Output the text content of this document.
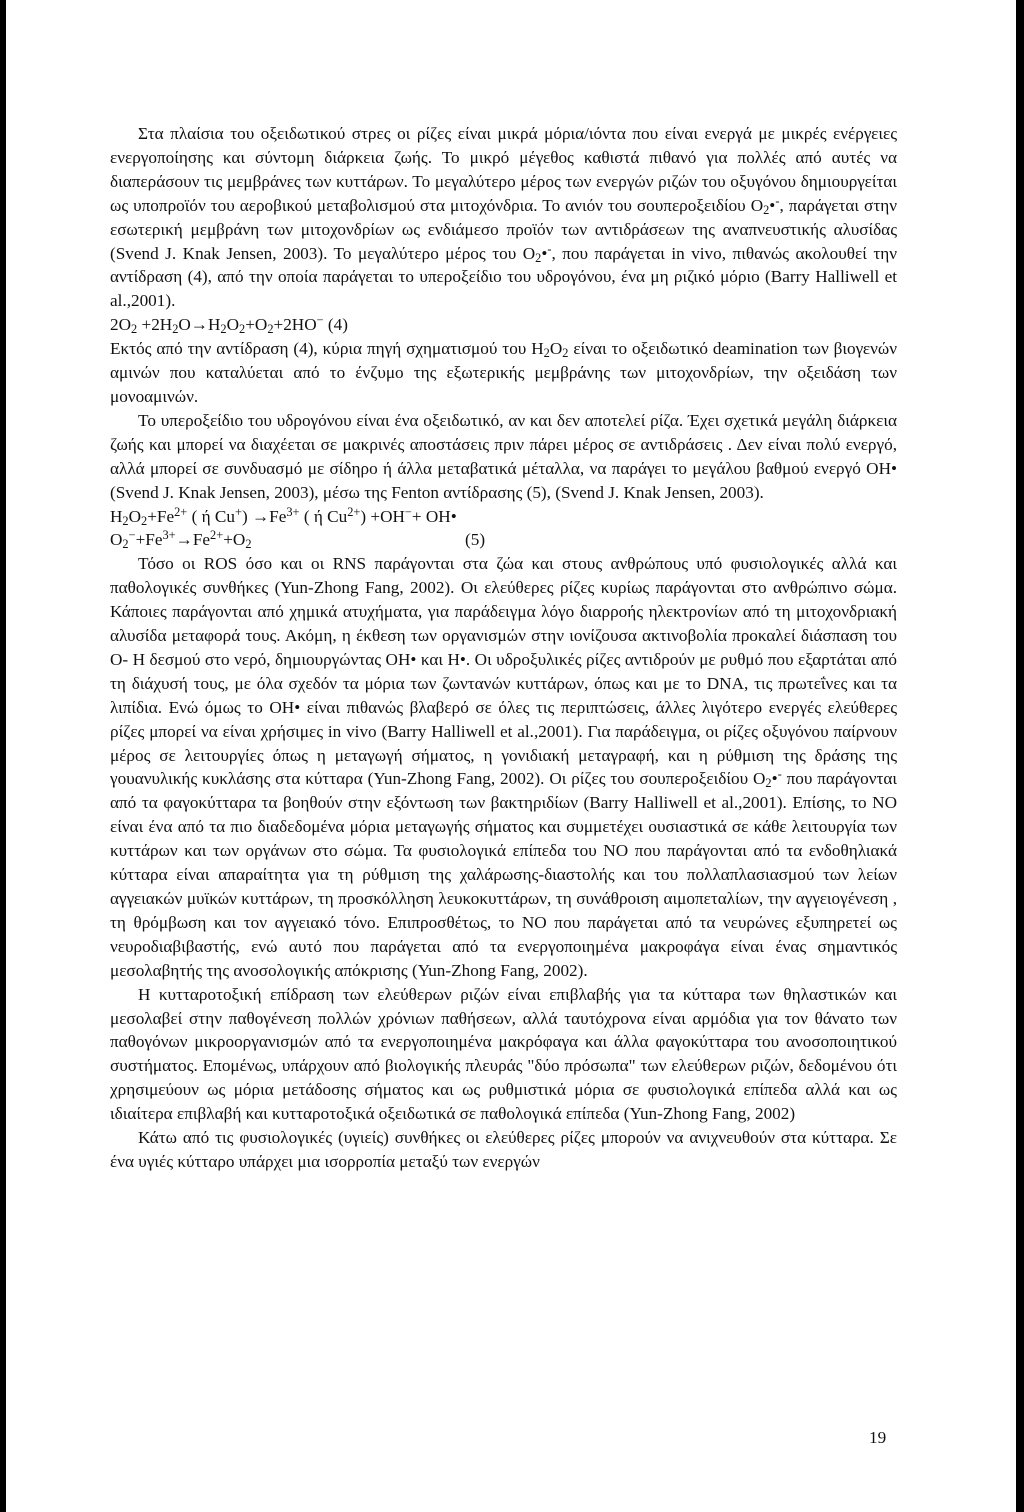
Στα πλαίσια του οξειδωτικού στρες οι ρίζες είναι μικρά μόρια/ιόντα που είναι ενεργά με μικρές ενέργειες ενεργοποίησης και σύντομη διάρκεια ζωής. Το μικρό μέγεθος καθιστά πιθανό για πολλές από αυτές να διαπεράσουν τις μεμβράνες των κυττάρων. Το μεγαλύτερο μέρος των ενεργών ριζών του οξυγόνου δημιουργείται ως υποπροϊόν του αεροβικού μεταβολισμού στα μιτοχόνδρια. Το ανιόν του σουπεροξειδίου $O_2•^-$, παράγεται στην εσωτερική μεμβράνη των μιτοχονδρίων ως ενδιάμεσο προϊόν των αντιδράσεων της αναπνευστικής αλυσίδας (Svend J. Knak Jensen, 2003). Το μεγαλύτερο μέρος του $O_2•^-$, που παράγεται in vivo, πιθανώς ακολουθεί την αντίδραση (4), από την οποία παράγεται το υπεροξείδιο του υδρογόνου, ένα μη ριζικό μόριο (Barry Halliwell et al.,2001).

$2O_2 +2H_2O\to H_2O_2+O_2+2HO^-$ (4)

Εκτός από την αντίδραση (4), κύρια πηγή σχηματισμού του $H_2O_2$ είναι το οξειδωτικό deamination των βιογενών αμινών που καταλύεται από το ένζυμο της εξωτερικής μεμβράνης των μιτοχονδρίων, την οξειδάση των μονοαμινών.

Το υπεροξείδιο του υδρογόνου είναι ένα οξειδωτικό, αν και δεν αποτελεί ρίζα. Έχει σχετικά μεγάλη διάρκεια ζωής και μπορεί να διαχέεται σε μακρινές αποστάσεις πριν πάρει μέρος σε αντιδράσεις . Δεν είναι πολύ ενεργό, αλλά μπορεί σε συνδυασμό με σίδηρο ή άλλα μεταβατικά μέταλλα, να παράγει το μεγάλου βαθμού ενεργό OH• (Svend J. Knak Jensen, 2003), μέσω της Fenton αντίδρασης (5), (Svend J. Knak Jensen, 2003).

$H_2O_2+Fe^{2+}$ ( ή $Cu^+) \to Fe^{3+}$ ( ή $Cu^{2+}) +OH^-+$ OH•

$O_2^-+Fe^{3+}\to Fe^{2+}+O_2$	(5)

Τόσο οι ROS όσο και οι RNS παράγονται στα ζώα και στους ανθρώπους υπό φυσιολογικές αλλά και παθολογικές συνθήκες (Yun-Zhong Fang, 2002). Οι ελεύθερες ρίζες κυρίως παράγονται στο ανθρώπινο σώμα. Κάποιες παράγονται από χημικά ατυχήματα, για παράδειγμα λόγο διαρροής ηλεκτρονίων από τη μιτοχονδριακή αλυσίδα μεταφορά τους. Ακόμη, η έκθεση των οργανισμών στην ιονίζουσα ακτινοβολία προκαλεί διάσπαση του O- H δεσμού στο νερό, δημιουργώντας OH• και H•. Οι υδροξυλικές ρίζες αντιδρούν με ρυθμό που εξαρτάται από τη διάχυσή τους, με όλα σχεδόν τα μόρια των ζωντανών κυττάρων, όπως και με το DNA, τις πρωτεΐνες και τα λιπίδια. Ενώ όμως το OH• είναι πιθανώς βλαβερό σε όλες τις περιπτώσεις, άλλες λιγότερο ενεργές ελεύθερες ρίζες μπορεί να είναι χρήσιμες in vivo (Barry Halliwell et al.,2001). Για παράδειγμα, οι ρίζες οξυγόνου παίρνουν μέρος σε λειτουργίες όπως η μεταγωγή σήματος, η γονιδιακή μεταγραφή, και η ρύθμιση της δράσης της γουανυλικής κυκλάσης στα κύτταρα (Yun-Zhong Fang, 2002). Οι ρίζες του σουπεροξειδίου $O_2•^-$ που παράγονται από τα φαγοκύτταρα τα βοηθούν στην εξόντωση των βακτηριδίων (Barry Halliwell et al.,2001). Επίσης, το NO είναι ένα από τα πιο διαδεδομένα μόρια μεταγωγής σήματος και συμμετέχει ουσιαστικά σε κάθε λειτουργία των κυττάρων και των οργάνων στο σώμα. Τα φυσιολογικά επίπεδα του NO που παράγονται από τα ενδοθηλιακά κύτταρα είναι απαραίτητα για τη ρύθμιση της χαλάρωσης-διαστολής και του πολλαπλασιασμού των λείων αγγειακών μυϊκών κυττάρων, τη προσκόλληση λευκοκυττάρων, τη συνάθροιση αιμοπεταλίων, την αγγειογένεση , τη θρόμβωση και τον αγγειακό τόνο. Επιπροσθέτως, το NO που παράγεται από τα νευρώνες εξυπηρετεί ως νευροδιαβιβαστής, ενώ αυτό που παράγεται από τα ενεργοποιημένα μακροφάγα είναι ένας σημαντικός μεσολαβητής της ανοσολογικής απόκρισης (Yun-Zhong Fang, 2002).

Η κυτταροτοξική επίδραση των ελεύθερων ριζών είναι επιβλαβής για τα κύτταρα των θηλαστικών και μεσολαβεί στην παθογένεση πολλών χρόνιων παθήσεων, αλλά ταυτόχρονα είναι αρμόδια για τον θάνατο των παθογόνων μικροοργανισμών από τα ενεργοποιημένα μακρόφαγα και άλλα φαγοκύτταρα του ανοσοποιητικού συστήματος. Επομένως, υπάρχουν από βιολογικής πλευράς "δύο πρόσωπα" των ελεύθερων ριζών, δεδομένου ότι χρησιμεύουν ως μόρια μετάδοσης σήματος και ως ρυθμιστικά μόρια σε φυσιολογικά επίπεδα αλλά και ως ιδιαίτερα επιβλαβή και κυτταροτοξικά οξειδωτικά σε παθολογικά επίπεδα (Yun-Zhong Fang, 2002)

Κάτω από τις φυσιολογικές (υγιείς) συνθήκες οι ελεύθερες ρίζες μπορούν να ανιχνευθούν στα κύτταρα. Σε ένα υγιές κύτταρο υπάρχει μια ισορροπία μεταξύ των ενεργών

19
